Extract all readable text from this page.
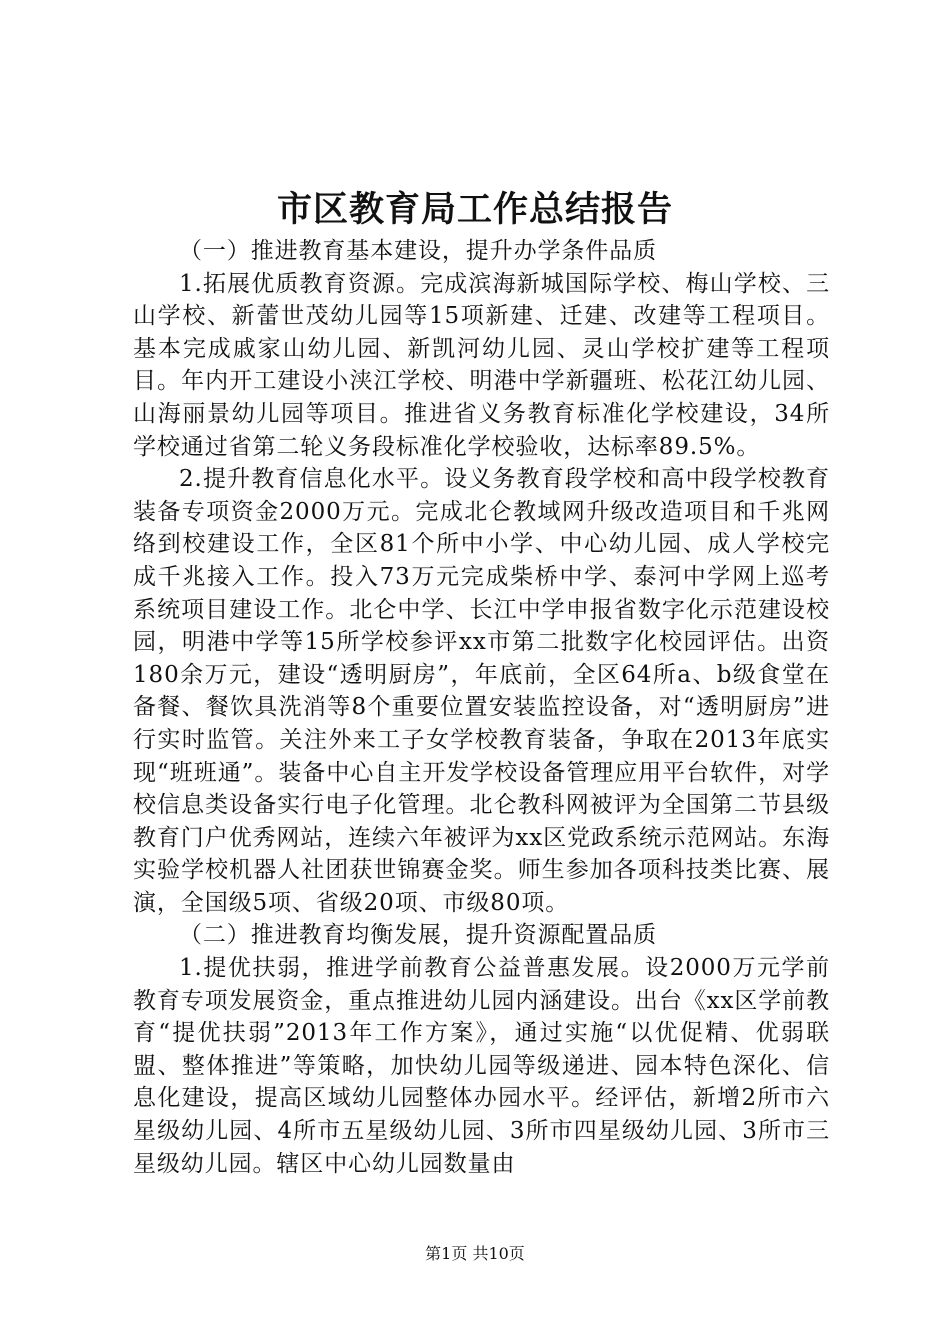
市区教育局工作总结报告

（一）推进教育基本建设，提升办学条件品质

1.拓展优质教育资源。完成滨海新城国际学校、梅山学校、三山学校、新蕾世茂幼儿园等15项新建、迁建、改建等工程项目。基本完成戚家山幼儿园、新凯河幼儿园、灵山学校扩建等工程项目。年内开工建设小浃江学校、明港中学新疆班、松花江幼儿园、山海丽景幼儿园等项目。推进省义务教育标准化学校建设，34所学校通过省第二轮义务段标准化学校验收，达标率89.5%。

2.提升教育信息化水平。设义务教育段学校和高中段学校教育装备专项资金2000万元。完成北仑教域网升级改造项目和千兆网络到校建设工作，全区81个所中小学、中心幼儿园、成人学校完成千兆接入工作。投入73万元完成柴桥中学、泰河中学网上巡考系统项目建设工作。北仑中学、长江中学申报省数字化示范建设校园，明港中学等15所学校参评xx市第二批数字化校园评估。出资180余万元，建设“透明厨房”，年底前，全区64所a、b级食堂在备餐、餐饮具洗消等8个重要位置安装监控设备，对“透明厨房”进行实时监管。关注外来工子女学校教育装备，争取在2013年底实现“班班通”。装备中心自主开发学校设备管理应用平台软件，对学校信息类设备实行电子化管理。北仑教科网被评为全国第二节县级教育门户优秀网站，连续六年被评为xx区党政系统示范网站。东海实验学校机器人社团获世锦赛金奖。师生参加各项科技类比赛、展演，全国级5项、省级20项、市级80项。

（二）推进教育均衡发展，提升资源配置品质

1.提优扶弱，推进学前教育公益普惠发展。设2000万元学前教育专项发展资金，重点推进幼儿园内涵建设。出台《xx区学前教育“提优扶弱”2013年工作方案》，通过实施“以优促精、优弱联盟、整体推进”等策略，加快幼儿园等级递进、园本特色深化、信息化建设，提高区域幼儿园整体办园水平。经评估，新增2所市六星级幼儿园、4所市五星级幼儿园、3所市四星级幼儿园、3所市三星级幼儿园。辖区中心幼儿园数量由

第1页 共10页
